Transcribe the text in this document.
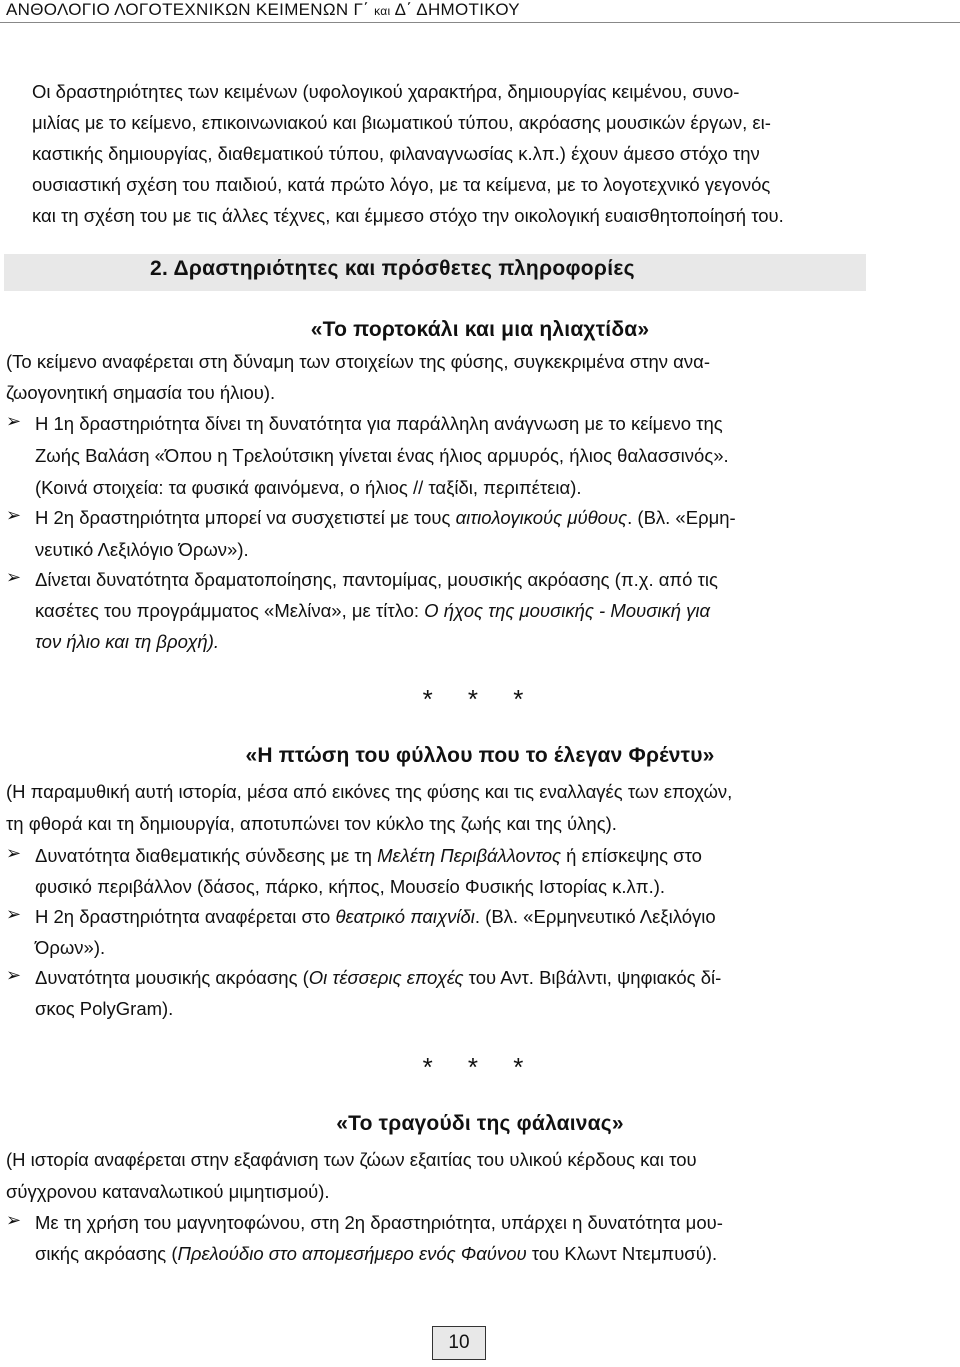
ΑΝΘΟΛΟΓΙΟ ΛΟΓΟΤΕΧΝΙΚΩΝ ΚΕΙΜΕΝΩΝ Γ΄ και Δ΄ ΔΗΜΟΤΙΚΟΥ
Οι δραστηριότητες των κειμένων (υφολογικού χαρακτήρα, δημιουργίας κειμένου, συνο-
μιλίας με το κείμενο, επικοινωνιακού και βιωματικού τύπου, ακρόασης μουσικών έργων, ει-
καστικής δημιουργίας, διαθεματικού τύπου, φιλαναγνωσίας κ.λπ.) έχουν άμεσο στόχο την
ουσιαστική σχέση του παιδιού, κατά πρώτο λόγο, με τα κείμενα, με το λογοτεχνικό γεγονός
και τη σχέση του με τις άλλες τέχνες, και έμμεσο στόχο την οικολογική ευαισθητοποίησή του.
2. Δραστηριότητες και πρόσθετες πληροφορίες
«Το πορτοκάλι και μια ηλιαχτίδα»
(Το κείμενο αναφέρεται στη δύναμη των στοιχείων της φύσης, συγκεκριμένα στην ανα-
ζωογονητική σημασία του ήλιου).
➢ Η 1η δραστηριότητα δίνει τη δυνατότητα για παράλληλη ανάγνωση με το κείμενο της
Ζωής Βαλάση «Όπου η Τρελούτσικη γίνεται ένας ήλιος αρμυρός, ήλιος θαλασσινός».
(Κοινά στοιχεία: τα φυσικά φαινόμενα, ο ήλιος // ταξίδι, περιπέτεια).
➢ Η 2η δραστηριότητα μπορεί να συσχετιστεί με τους αιτιολογικούς μύθους. (Βλ. «Ερμη-
νευτικό Λεξιλόγιο Όρων»).
➢ Δίνεται δυνατότητα δραματοποίησης, παντομίμας, μουσικής ακρόασης (π.χ. από τις
κασέτες του προγράμματος «Μελίνα», με τίτλο: Ο ήχος της μουσικής - Μουσική για
τον ήλιο και τη βροχή).
* * *
«Η πτώση του φύλλου που το έλεγαν Φρέντυ»
(Η παραμυθική αυτή ιστορία, μέσα από εικόνες της φύσης και τις εναλλαγές των εποχών,
τη φθορά και τη δημιουργία, αποτυπώνει τον κύκλο της ζωής και της ύλης).
➢ Δυνατότητα διαθεματικής σύνδεσης με τη Μελέτη Περιβάλλοντος ή επίσκεψης στο
φυσικό περιβάλλον (δάσος, πάρκο, κήπος, Μουσείο Φυσικής Ιστορίας κ.λπ.).
➢ Η 2η δραστηριότητα αναφέρεται στο θεατρικό παιχνίδι. (Βλ. «Ερμηνευτικό Λεξιλόγιο
Όρων»).
➢ Δυνατότητα μουσικής ακρόασης (Οι τέσσερις εποχές του Αντ. Βιβάλντι, ψηφιακός δί-
σκος PolyGram).
* * *
«Το τραγούδι της φάλαινας»
(Η ιστορία αναφέρεται στην εξαφάνιση των ζώων εξαιτίας του υλικού κέρδους και του
σύγχρονου καταναλωτικού μιμητισμού).
➢ Με τη χρήση του μαγνητοφώνου, στη 2η δραστηριότητα, υπάρχει η δυνατότητα μου-
σικής ακρόασης (Πρελούδιο στο απομεσήμερο ενός Φαύνου του Κλωντ Ντεμπυσύ).
10
